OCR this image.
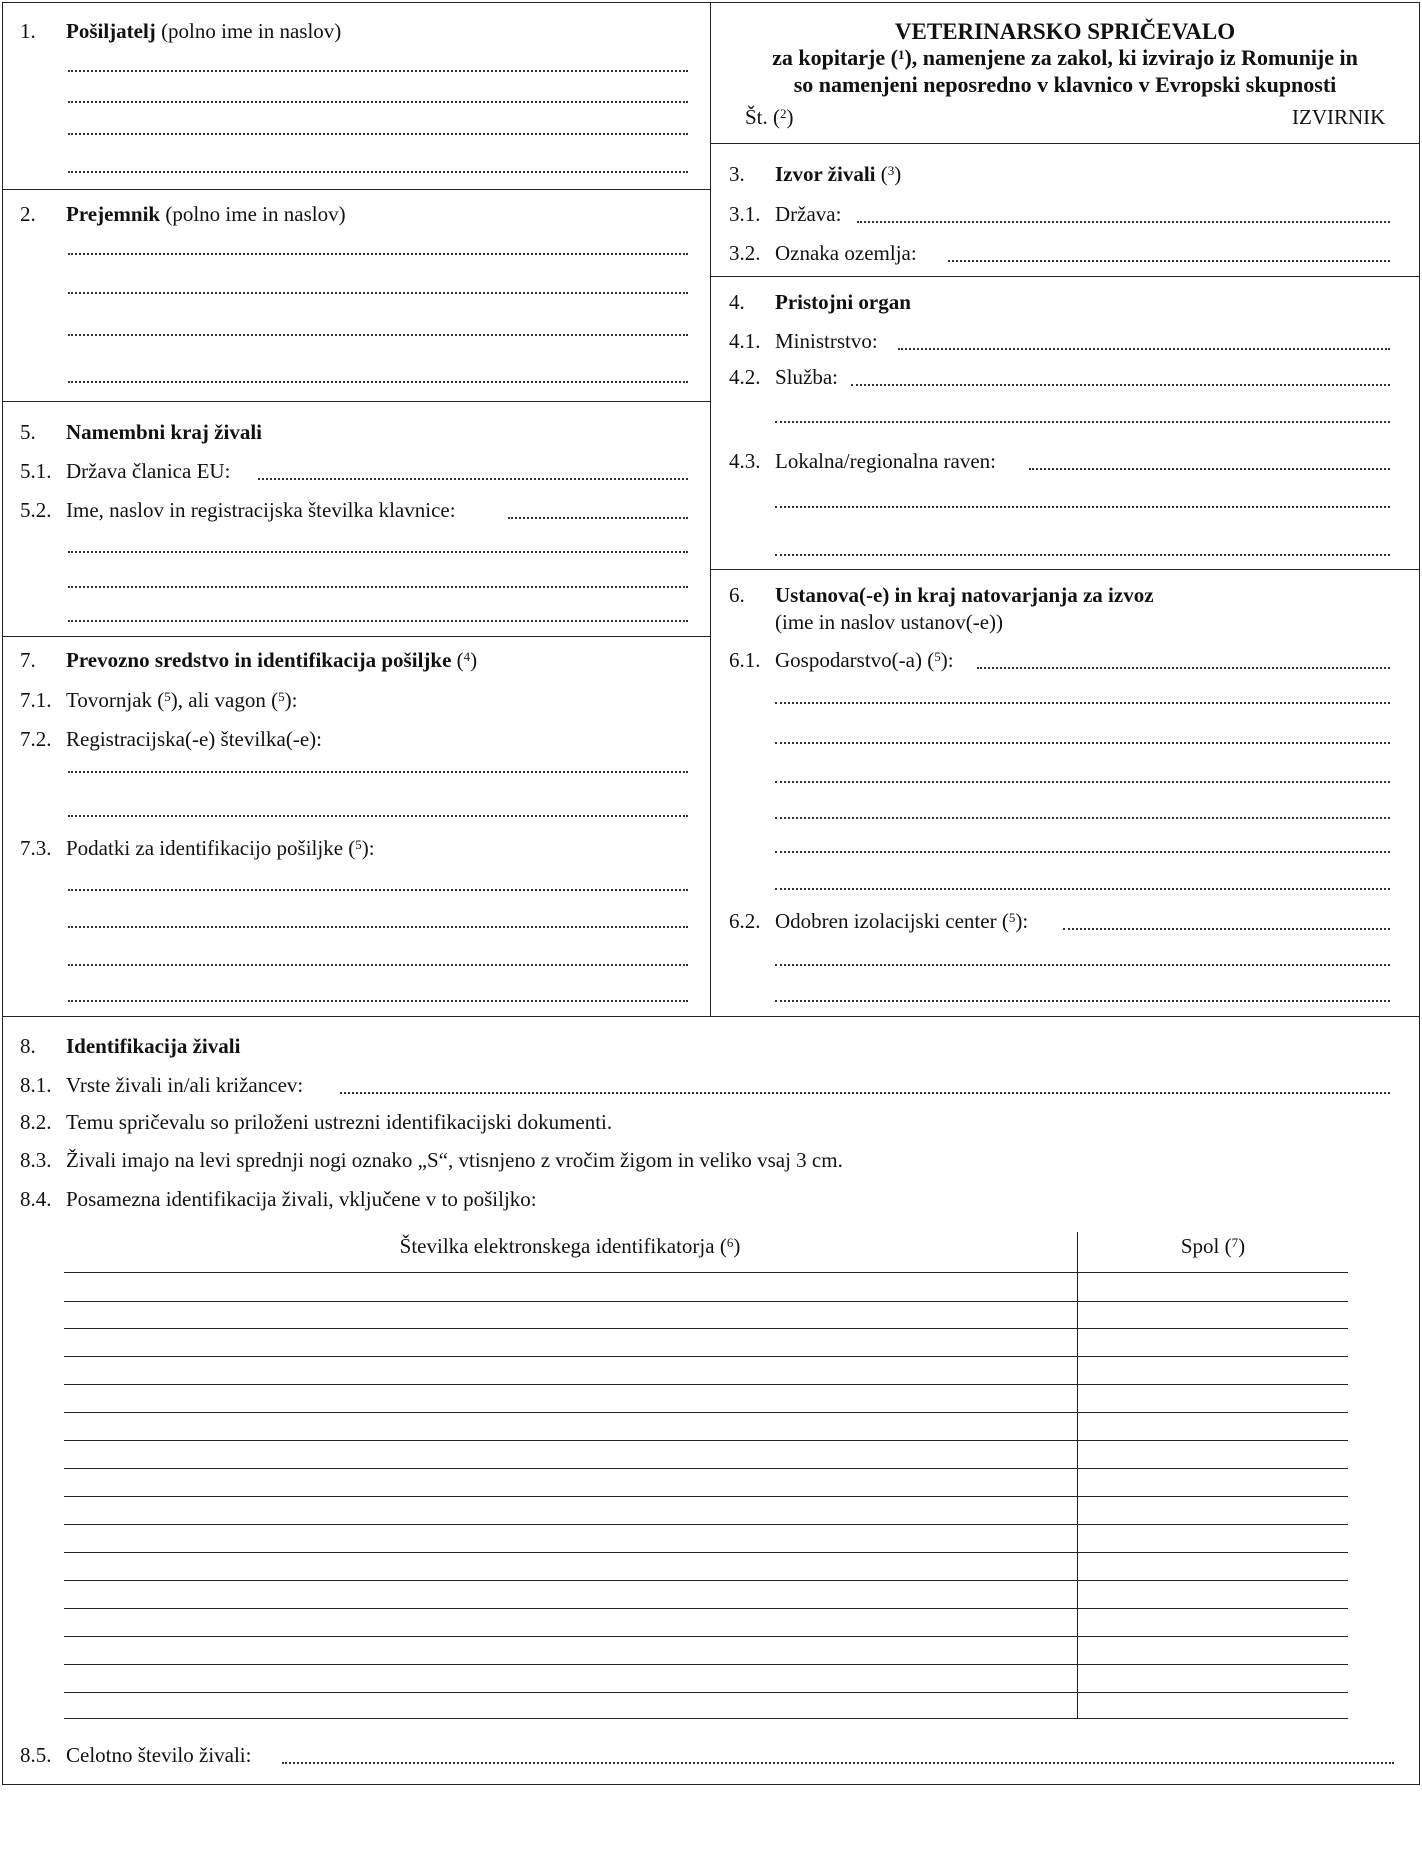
VETERINARSKO SPRIČEVALO
za kopitarje ($^1$), namenjene za zakol, ki izvirajo iz Romunije in
so namenjeni neposredno v klavnico v Evropski skupnosti
Št. ($^2$)	IZVIRNIK
1. Pošiljatelj (polno ime in naslov)
2. Prejemnik (polno ime in naslov)
5. Namembni kraj živali
5.1. Država članica EU:
5.2. Ime, naslov in registracijska številka klavnice:
7. Prevozno sredstvo in identifikacija pošiljke ($^4$)
7.1. Tovornjak ($^5$), ali vagon ($^5$):
7.2. Registracijska(-e) številka(-e):
7.3. Podatki za identifikacijo pošiljke ($^5$):
3. Izvor živali ($^3$)
3.1. Država:
3.2. Oznaka ozemlja:
4. Pristojni organ
4.1. Ministrstvo:
4.2. Služba:
4.3. Lokalna/regionalna raven:
6. Ustanova(-e) in kraj natovarjanja za izvoz
(ime in naslov ustanov(-e))
6.1. Gospodarstvo(-a) ($^5$):
6.2. Odobren izolacijski center ($^5$):
8. Identifikacija živali
8.1. Vrste živali in/ali križancev:
8.2. Temu spričevalu so priloženi ustrezni identifikacijski dokumenti.
8.3. Živali imajo na levi sprednji nogi oznako „S“, vtisnjeno z vročim žigom in veliko vsaj 3 cm.
8.4. Posamezna identifikacija živali, vključene v to pošiljko:
Številka elektronskega identifikatorja ($^6$)	Spol ($^7$)
8.5. Celotno število živali:
